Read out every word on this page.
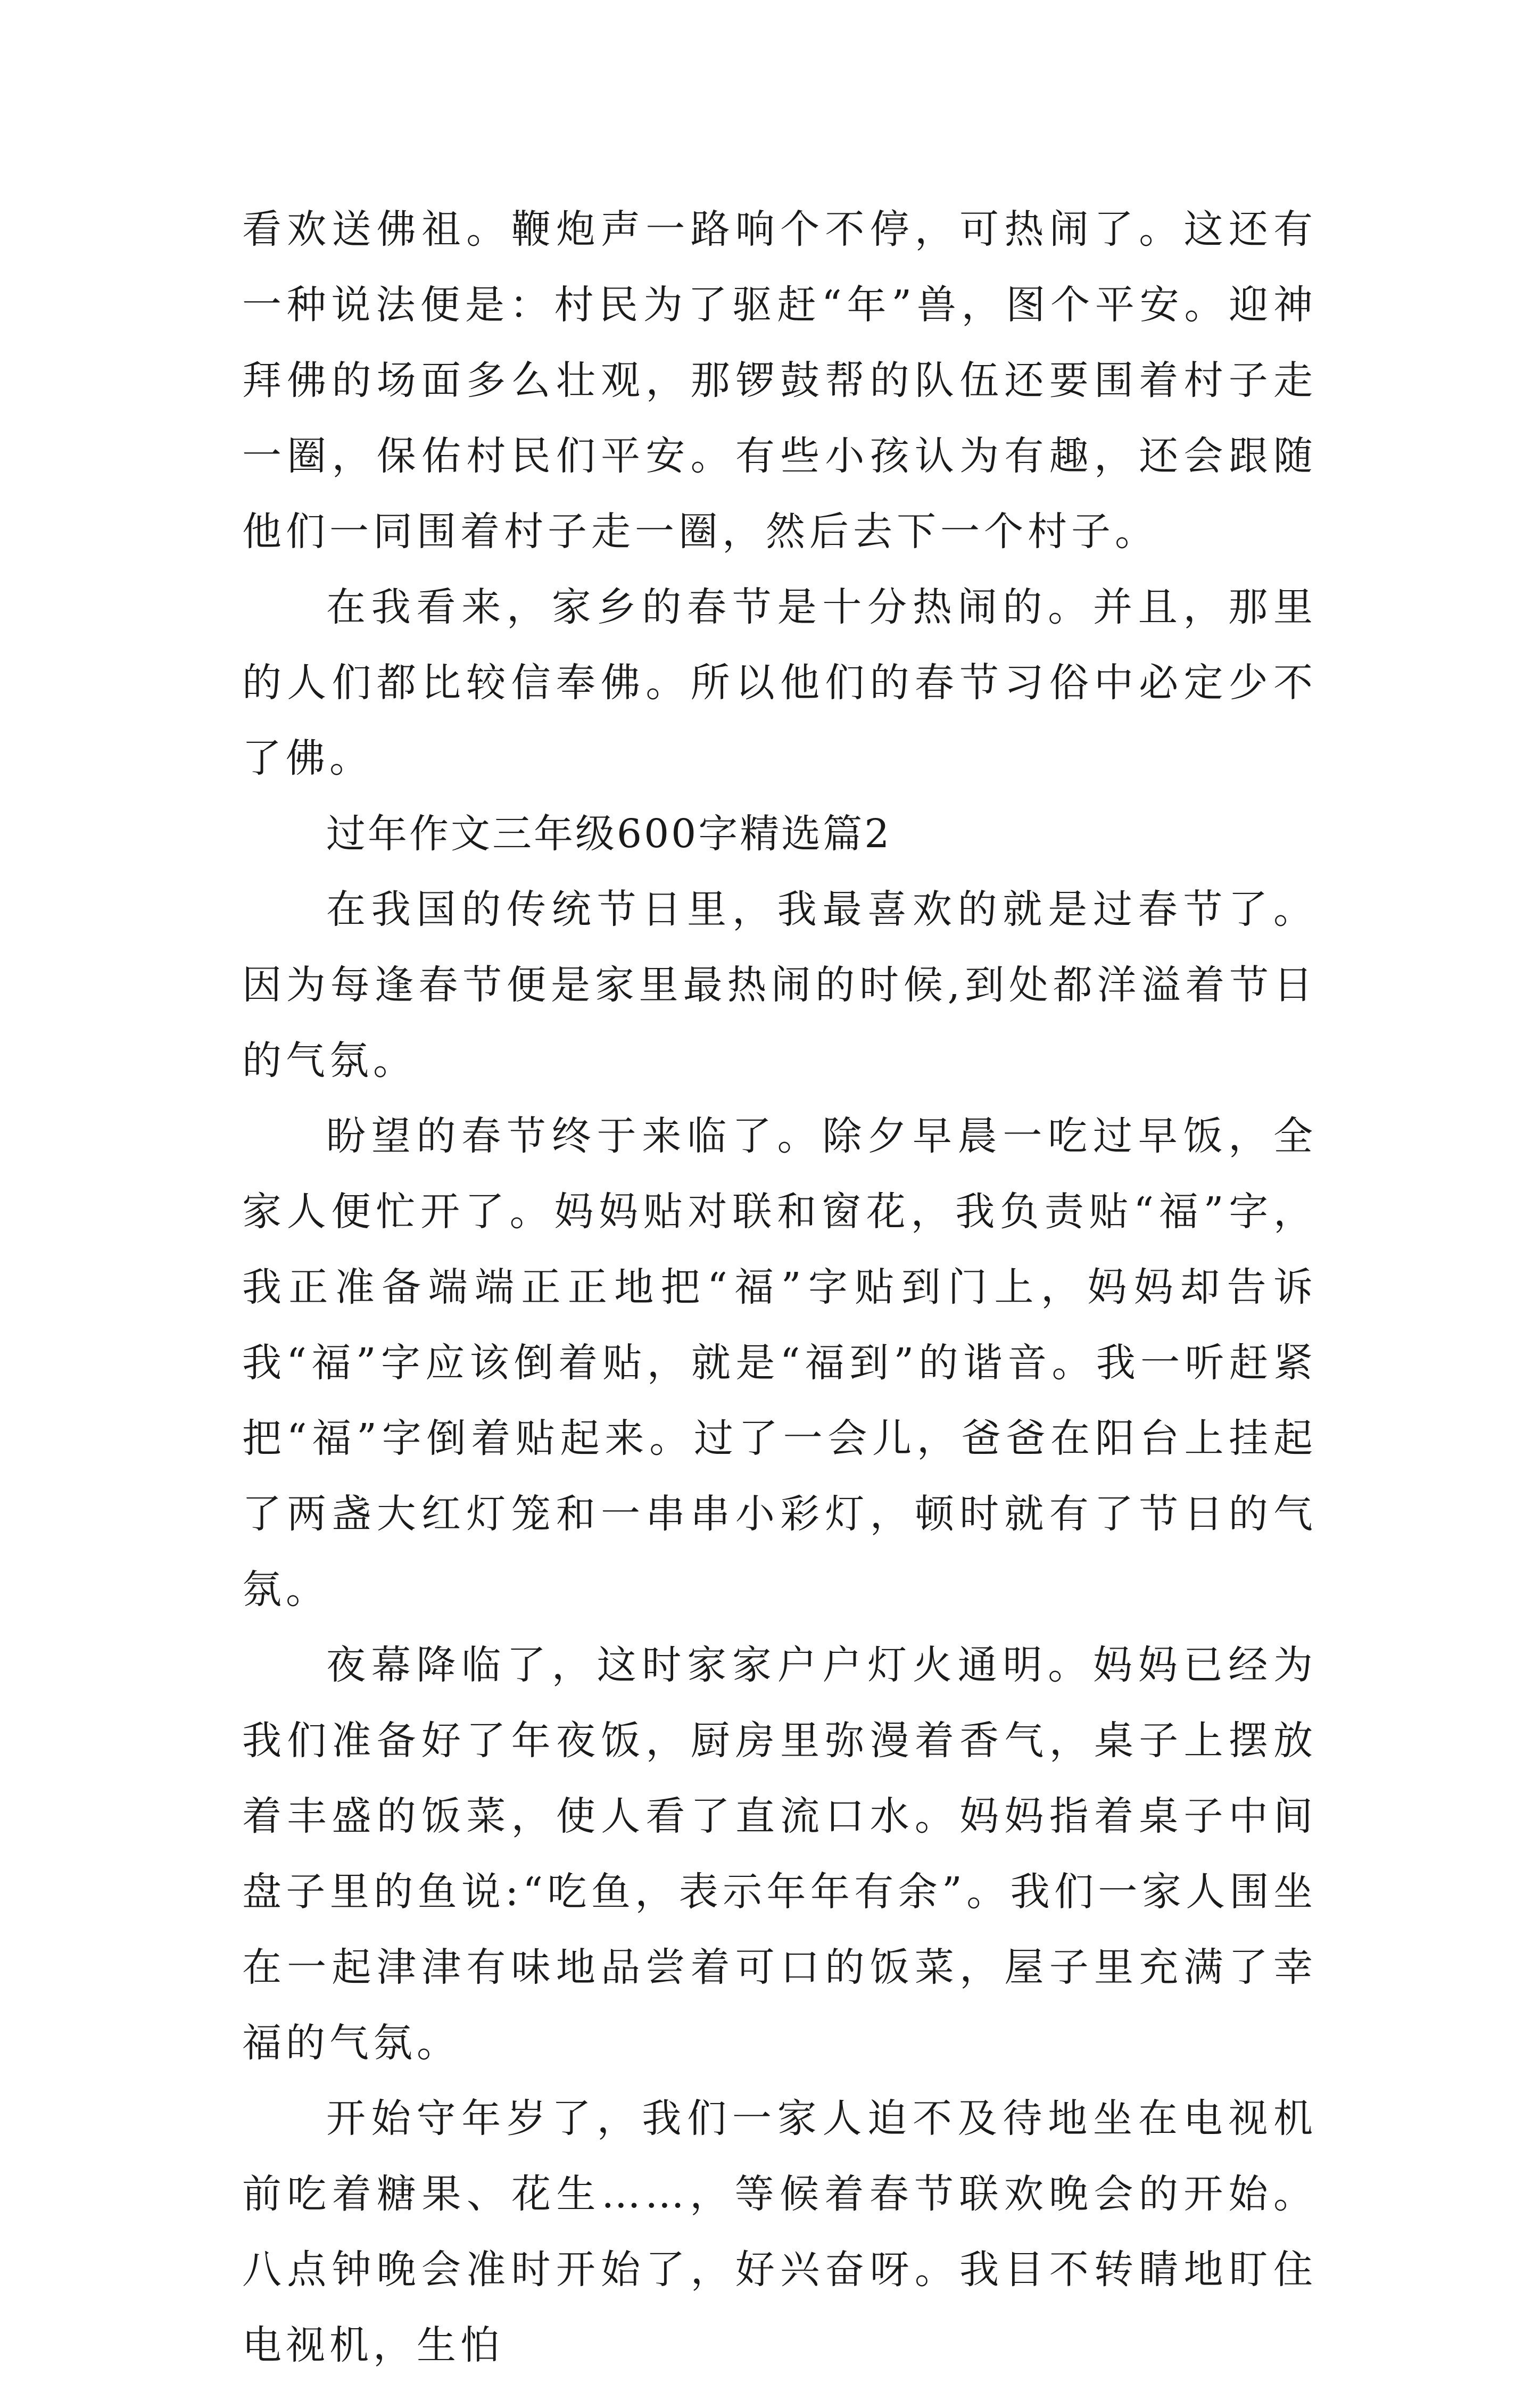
看欢送佛祖。鞭炮声一路响个不停，可热闹了。这还有一种说法便是：村民为了驱赶“年”兽，图个平安。迎神拜佛的场面多么壮观，那锣鼓帮的队伍还要围着村子走一圈，保佑村民们平安。有些小孩认为有趣，还会跟随他们一同围着村子走一圈，然后去下一个村子。

在我看来，家乡的春节是十分热闹的。并且，那里的人们都比较信奉佛。所以他们的春节习俗中必定少不了佛。

过年作文三年级600字精选篇2

在我国的传统节日里，我最喜欢的就是过春节了。因为每逢春节便是家里最热闹的时候,到处都洋溢着节日的气氛。

盼望的春节终于来临了。除夕早晨一吃过早饭，全家人便忙开了。妈妈贴对联和窗花，我负责贴“福”字，我正准备端端正正地把“福”字贴到门上，妈妈却告诉我“福”字应该倒着贴，就是“福到”的谐音。我一听赶紧把“福”字倒着贴起来。过了一会儿，爸爸在阳台上挂起了两盏大红灯笼和一串串小彩灯，顿时就有了节日的气氛。

夜幕降临了，这时家家户户灯火通明。妈妈已经为我们准备好了年夜饭，厨房里弥漫着香气，桌子上摆放着丰盛的饭菜，使人看了直流口水。妈妈指着桌子中间盘子里的鱼说:“吃鱼，表示年年有余”。我们一家人围坐在一起津津有味地品尝着可口的饭菜，屋子里充满了幸福的气氛。

开始守年岁了，我们一家人迫不及待地坐在电视机前吃着糖果、花生……，等候着春节联欢晚会的开始。八点钟晚会准时开始了，好兴奋呀。我目不转睛地盯住电视机，生怕
